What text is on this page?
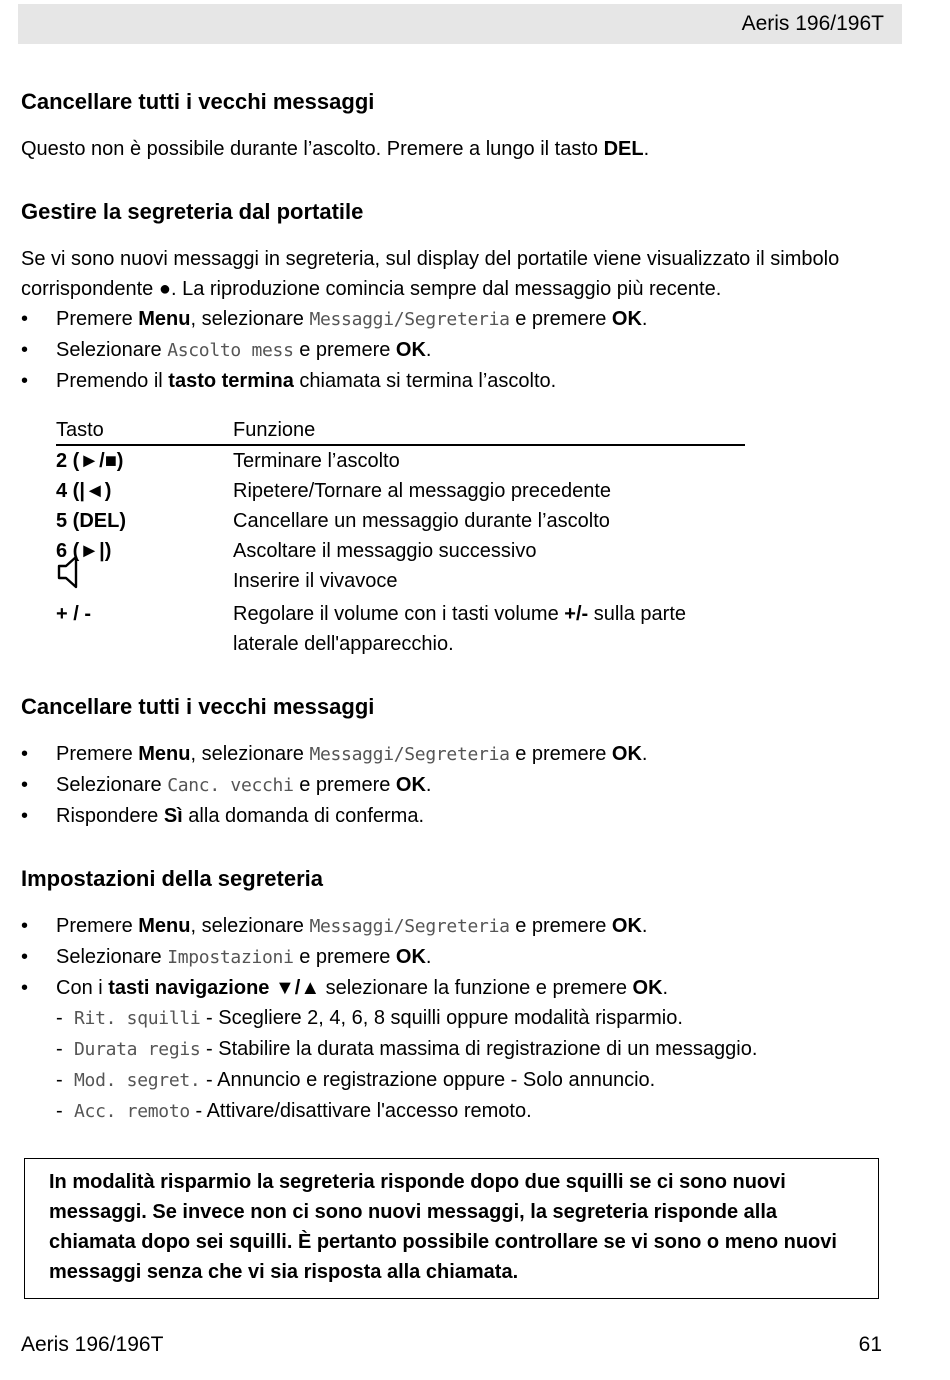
Aeris 196/196T
Cancellare tutti i vecchi messaggi

Questo non è possibile durante l’ascolto. Premere a lungo il tasto DEL.

Gestire la segreteria dal portatile

Se vi sono nuovi messaggi in segreteria, sul display del portatile viene visualizzato il simbolo corrispondente ●. La riproduzione comincia sempre dal messaggio più recente.

• Premere Menu, selezionare Messaggi/Segreteria e premere OK.
• Selezionare Ascolto mess e premere OK.
• Premendo il tasto termina chiamata si termina l’ascolto.
Tasto	Funzione
2 (►/■)	Terminare l’ascolto
4 (|◄)	Ripetere/Tornare al messaggio precedente
5 (DEL)	Cancellare un messaggio durante l’ascolto
6 (►|)	Ascoltare il messaggio successivo
	Inserire il vivavoce
+ / -	Regolare il volume con i tasti volume +/- sulla parte laterale dell'apparecchio.
Cancellare tutti i vecchi messaggi
• Premere Menu, selezionare Messaggi/Segreteria e premere OK.
• Selezionare Canc. vecchi e premere OK.
• Rispondere Sì alla domanda di conferma.
Impostazioni della segreteria
• Premere Menu, selezionare Messaggi/Segreteria e premere OK.
• Selezionare Impostazioni e premere OK.
• Con i tasti navigazione ▼/▲ selezionare la funzione e premere OK.
- Rit. squilli - Scegliere 2, 4, 6, 8 squilli oppure modalità risparmio.
- Durata regis - Stabilire la durata massima di registrazione di un messaggio.
- Mod. segret. - Annuncio e registrazione oppure - Solo annuncio.
- Acc. remoto - Attivare/disattivare l'accesso remoto.
In modalità risparmio la segreteria risponde dopo due squilli se ci sono nuovi messaggi. Se invece non ci sono nuovi messaggi, la segreteria risponde alla chiamata dopo sei squilli. È pertanto possibile controllare se vi sono o meno nuovi messaggi senza che vi sia risposta alla chiamata.
Aeris 196/196T	61
